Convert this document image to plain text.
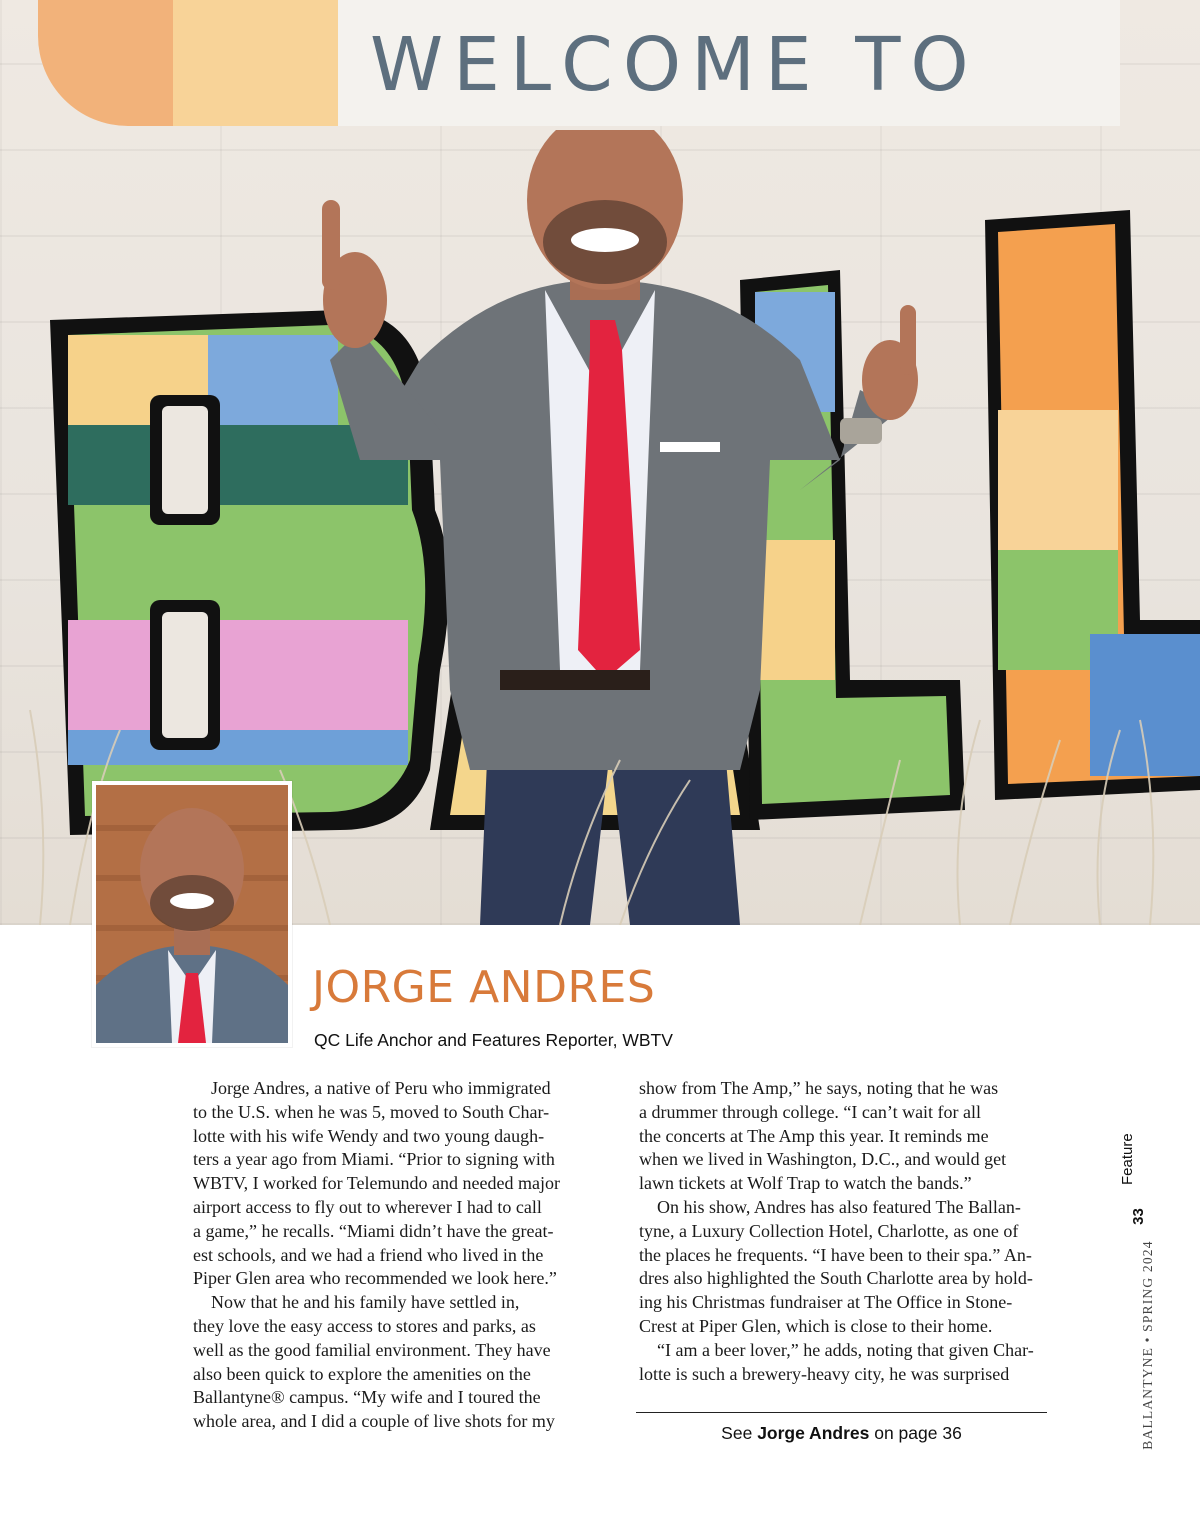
WELCOME TO
JORGE ANDRES
QC Life Anchor and Features Reporter, WBTV

Jorge Andres, a native of Peru who immigrated
to the U.S. when he was 5, moved to South Char-
lotte with his wife Wendy and two young daugh-
ters a year ago from Miami. “Prior to signing with
WBTV, I worked for Telemundo and needed major
airport access to fly out to wherever I had to call
a game,” he recalls. “Miami didn’t have the great-
est schools, and we had a friend who lived in the
Piper Glen area who recommended we look here.”

Now that he and his family have settled in,
they love the easy access to stores and parks, as
well as the good familial environment. They have
also been quick to explore the amenities on the
Ballantyne® campus. “My wife and I toured the
whole area, and I did a couple of live shots for my

show from The Amp,” he says, noting that he was
a drummer through college. “I can’t wait for all
the concerts at The Amp this year. It reminds me
when we lived in Washington, D.C., and would get
lawn tickets at Wolf Trap to watch the bands.”

On his show, Andres has also featured The Ballan-
tyne, a Luxury Collection Hotel, Charlotte, as one of
the places he frequents. “I have been to their spa.” An-
dres also highlighted the South Charlotte area by hold-
ing his Christmas fundraiser at The Office in Stone-
Crest at Piper Glen, which is close to their home.

“I am a beer lover,” he adds, noting that given Char-
lotte is such a brewery-heavy city, he was surprised

See Jorge Andres on page 36
Feature
33
BALLANTYNE • SPRING 2024
